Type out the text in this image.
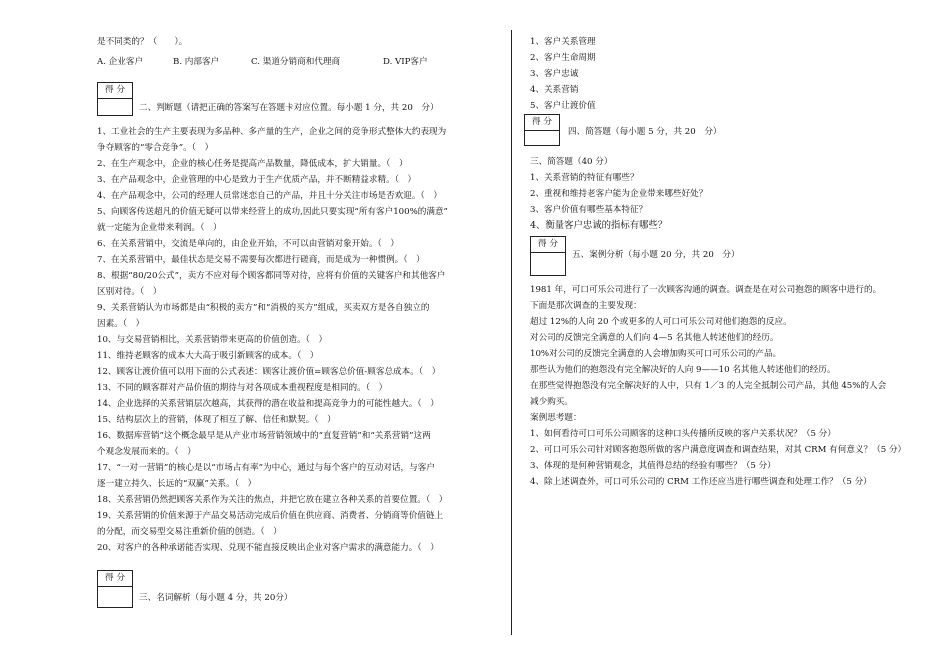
是不同类的？（　　）。
A. 企业客户	B. 内部客户	C. 渠道分销商和代理商	D. VIP客户
得 分
二、判断题（请把正确的答案写在答题卡对应位置。每小题 1 分，共 20　分）
1、工业社会的生产主要表现为多品种、多产量的生产，企业之间的竞争形式整体大约表现为
争夺顾客的“零合竞争”。（　）
2、在生产观念中，企业的核心任务是提高产品数量，降低成本，扩大销量。（　）
3、在产品观念中，企业管理的中心是致力于生产优质产品，并不断精益求精。（　）
4、在产品观念中，公司的经理人员常迷恋自己的产品，并且十分关注市场是否欢迎。（　）
5、向顾客传送超凡的价值无疑可以带来经营上的成功,因此只要实现“所有客户100%的满意”
就一定能为企业带来利润。（　）
6、在关系营销中，交流是单向的，由企业开始，不可以由营销对象开始。（　）
7、在关系营销中，最佳状态是交易不需要每次都进行磋商，而是成为一种惯例。（　）
8、根据“80/20公式”，卖方不应对每个顾客都同等对待，应将有价值的关键客户和其他客户
区别对待。（　）
9、关系营销认为市场都是由“积极的卖方”和“消极的买方”组成，买卖双方是各自独立的
因素。（　）
10、与交易营销相比，关系营销带来更高的价值创造。（　）
11、维持老顾客的成本大大高于吸引新顾客的成本。（　）
12、顾客让渡价值可以用下面的公式表述：顾客让渡价值=顾客总价值-顾客总成本。（　）
13、不同的顾客群对产品价值的期待与对各项成本重视程度是相同的。（　）
14、企业选择的关系营销层次越高，其获得的潜在收益和提高竞争力的可能性越大。（　）
15、结构层次上的营销，体现了相互了解、信任和默契。（　）
16、数据库营销”这个概念最早是从产业市场营销领域中的“直复营销”和“关系营销”这两
个观念发展而来的。（　）
17、“一对一营销”的核心是以“市场占有率”为中心，通过与每个客户的互动对话，与客户
逐一建立持久、长远的“双赢”关系。（　）
18、关系营销仍然把顾客关系作为关注的焦点，并把它放在建立各种关系的首要位置。（　）
19、关系营销的价值来源于产品交易活动完成后价值在供应商、消费者、分销商等价值链上
的分配，而交易型交易注重新价值的创造。（　）
20、对客户的各种承诺能否实现、兑现不能直接反映出企业对客户需求的满意能力。（　）
得 分
三、名词解析（每小题 4 分，共 20分）
1、客户关系管理
2、客户生命周期
3、客户忠诚
4、关系营销
5、客户让渡价值
得 分
四、简答题（每小题 5 分，共 20　分）
三、简答题（40 分）
1、关系营销的特征有哪些？
2、重视和维持老客户能为企业带来哪些好处？
3、客户价值有哪些基本特征？
4、衡量客户忠诚的指标有哪些？
得 分
五、案例分析（每小题 20 分，共 20　分）
1981 年，可口可乐公司进行了一次顾客沟通的调查。调查是在对公司抱怨的顾客中进行的。
下面是那次调查的主要发现：
超过 12%的人向 20 个或更多的人可口可乐公司对他们抱怨的反应。
对公司的反馈完全满意的人们向 4—5 名其他人转述他们的经历。
10%对公司的反馈完全满意的人会增加购买可口可乐公司的产品。
那些认为他们的抱怨没有完全解决好的人向 9——10 名其他人转述他们的经历。
在那些觉得抱怨没有完全解决好的人中，只有 1／3 的人完全抵制公司产品，其他 45%的人会
减少购买。
案例思考题：
1、如何看待可口可乐公司顾客的这种口头传播所反映的客户关系状况？（5 分）
2、可口可乐公司针对顾客抱怨所做的客户满意度调查和调查结果，对其 CRM 有何意义？（5 分）
3、体现的是何种营销观念，其值得总结的经验有哪些？（5 分）
4、除上述调查外，可口可乐公司的 CRM 工作还应当进行哪些调查和处理工作？（5 分）
